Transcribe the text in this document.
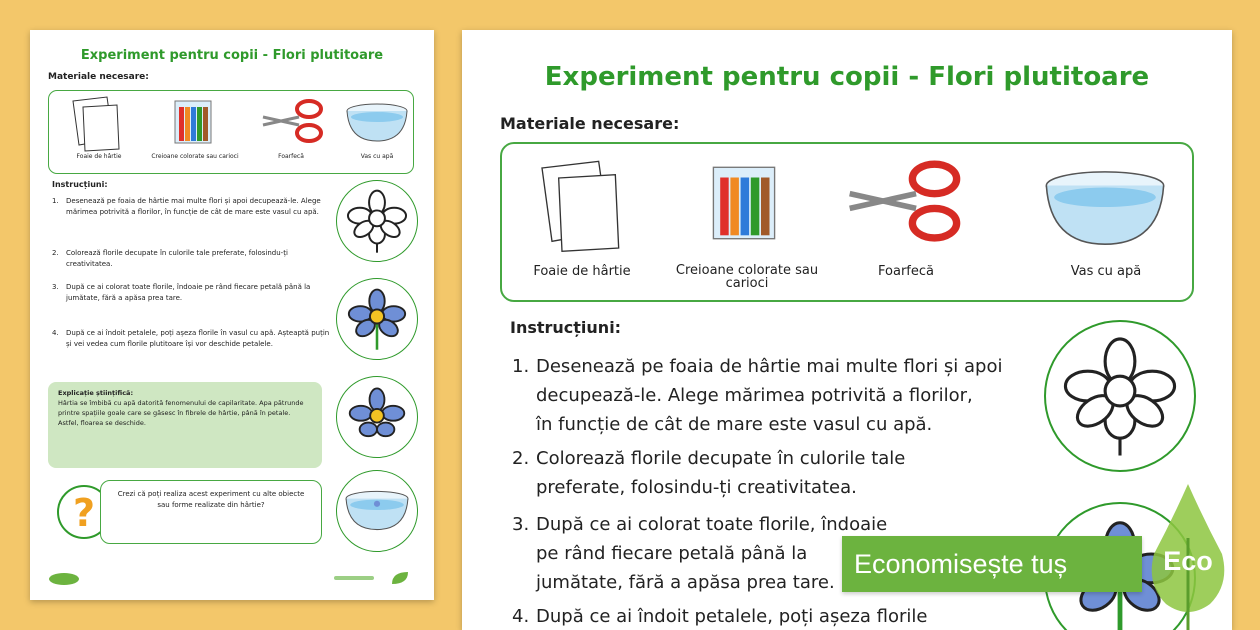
Experiment pentru copii - Flori plutitoare
Materiale necesare:
Foaie de hârtie	Creioane colorate sau carioci	Foarfecă	Vas cu apă
Instrucțiuni:
1. Desenează pe foaia de hârtie mai multe flori și apoi decupează-le. Alege mărimea potrivită a florilor, în funcție de cât de mare este vasul cu apă.
2. Colorează florile decupate în culorile tale preferate, folosindu-ți creativitatea.
3. După ce ai colorat toate florile, îndoaie pe rând fiecare petală până la jumătate, fără a apăsa prea tare.
4. După ce ai îndoit petalele, poți așeza florile în vasul cu apă. Așteaptă puțin și vei vedea cum florile plutitoare își vor deschide petalele.
Explicație științifică:
Hârtia se îmbibă cu apă datorită fenomenului de capilaritate. Apa pătrunde printre spațiile goale care se găsesc în fibrele de hârtie, până în petale. Astfel, floarea se deschide.
?	Crezi că poți realiza acest experiment cu alte obiecte sau forme realizate din hârtie?
Experiment pentru copii - Flori plutitoare
Materiale necesare:
Foaie de hârtie	Creioane colorate sau carioci
Foarfecă	Vas cu apă
Instrucțiuni:
1. Desenează pe foaia de hârtie mai multe flori și apoi
decupează-le. Alege mărimea potrivită a florilor,
în funcție de cât de mare este vasul cu apă.
2. Colorează florile decupate în culorile tale
preferate, folosindu-ți creativitatea.
3. După ce ai colorat toate florile, îndoaie
pe rând fiecare petală până la
jumătate, fără a apăsa prea tare.
4. După ce ai îndoit petalele, poți așeza florile
Economisește tuș	Eco
